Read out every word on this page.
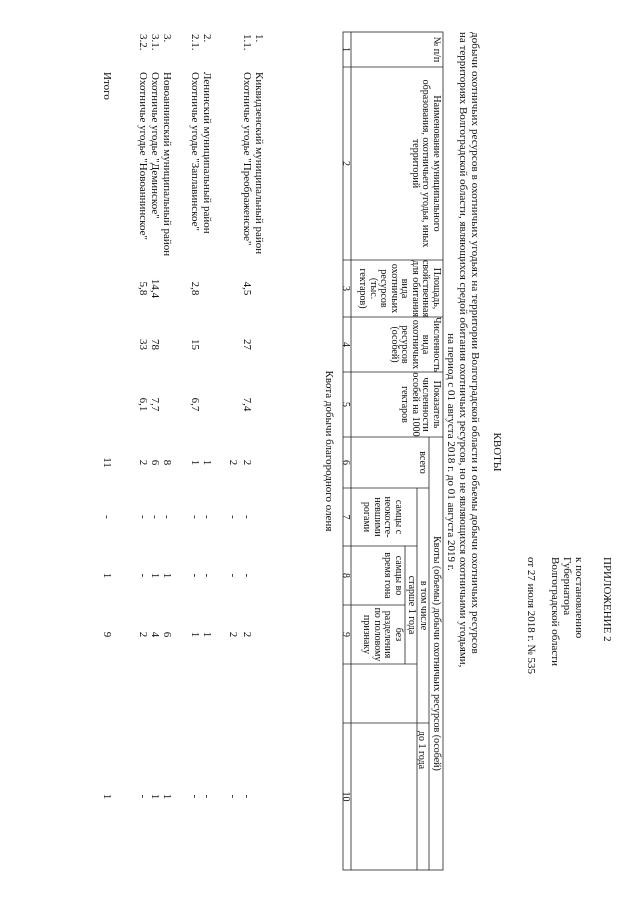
ПРИЛОЖЕНИЕ 2
к постановлению
Губернатора
Волгоградской области
от 27 июля 2018 г. № 535
КВОТЫ
добычи охотничьих ресурсов в охотничьих угодьях на территории Волгоградской области и объемы добычи охотничьих ресурсов
на территориях Волгоградской области, являющихся средой обитания охотничьих ресурсов, но не являющихся охотничьими угодьями,
на период с 01 августа 2018 г. до 01 августа 2019 г.
№ п/п
Наименование муниципального образования, охотничьего угодья, иных территорий
Площадь, свойственная для обитания вида охотничьих ресурсов (тыс. гектаров)
Численность вида охотничьих ресурсов (особей)
Показатель численности особей на 1000 гектаров
Квоты (объемы) добычи охотничьих ресурсов (особей)
всего
в том числе
старше 1 года
самцы с неокосте- невшими рогами
самцы во время гона
без разделения по половому признаку
до 1 года
1
2
3
4
5
6
7
8
9
10
Квота добычи благородного оленя
1.
Киквидзенский муниципальный район
1.1.
Охотничье угодье "Преображенское"
4,5
27
7,4
2
-
-
2
-
2
-
-
2
-
2.
Ленинский муниципальный район
1
-
-
1
-
2.1.
Охотничье угодье "Заплавинское"
2,8
15
6,7
1
-
-
1
-
3.
Новоаннинский муниципальный район
8
-
1
6
1
3.1.
Охотничье угодье "Деминское"
14,4
78
7,7
6
-
1
4
1
3.2.
Охотничье угодье "Новоаннинское"
5,8
33
6,1
2
-
-
2
-
Итого
11
-
1
9
1
